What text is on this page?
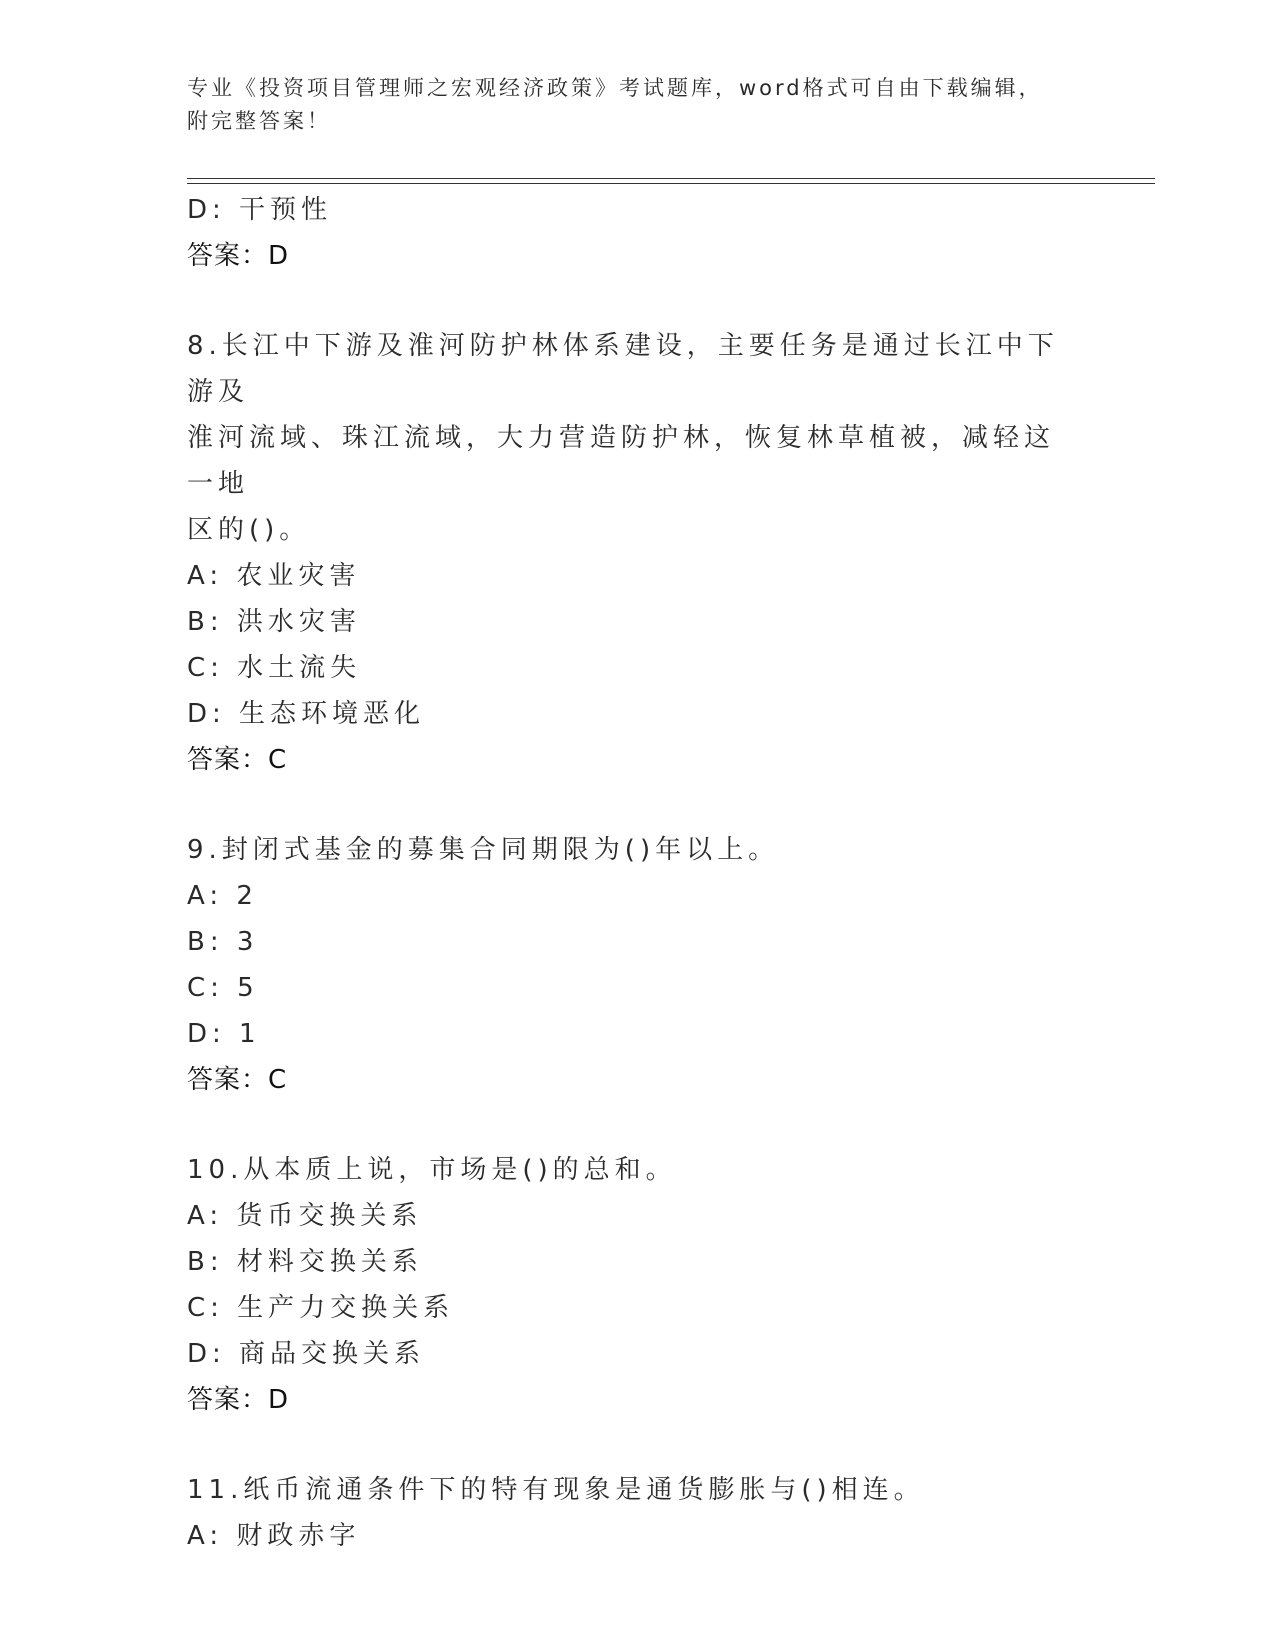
专业《投资项目管理师之宏观经济政策》考试题库，word格式可自由下载编辑，
附完整答案！
D: 干预性
答案：D
8.长江中下游及淮河防护林体系建设，主要任务是通过长江中下游及
淮河流域、珠江流域，大力营造防护林，恢复林草植被，减轻这一地
区的()。
A: 农业灾害
B: 洪水灾害
C: 水土流失
D: 生态环境恶化
答案：C
9.封闭式基金的募集合同期限为()年以上。
A: 2
B: 3
C: 5
D: 1
答案：C
10.从本质上说，市场是()的总和。
A: 货币交换关系
B: 材料交换关系
C: 生产力交换关系
D: 商品交换关系
答案：D
11.纸币流通条件下的特有现象是通货膨胀与()相连。
A: 财政赤字
